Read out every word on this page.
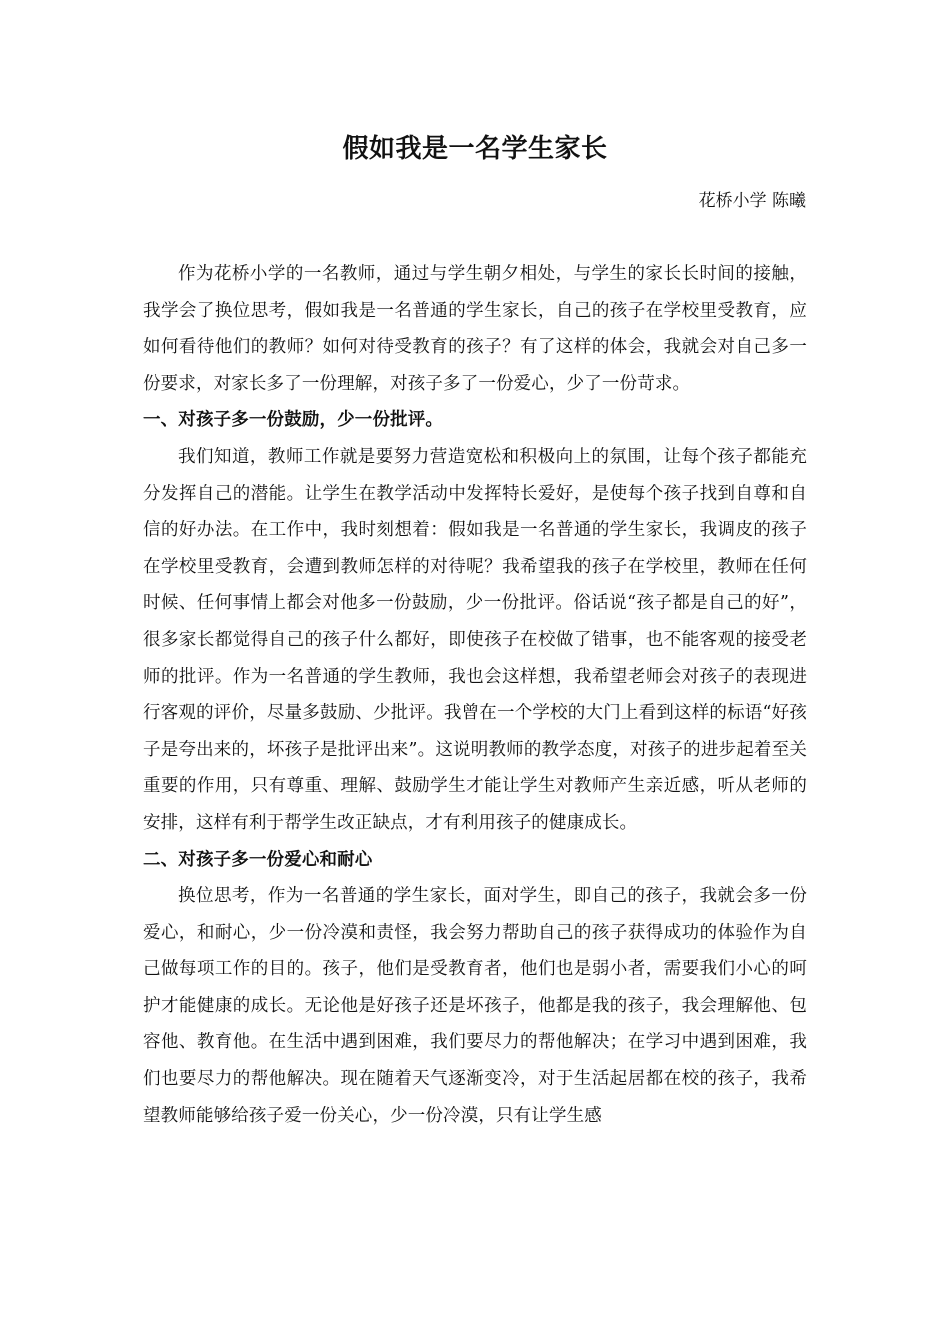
假如我是一名学生家长
花桥小学 陈曦

作为花桥小学的一名教师，通过与学生朝夕相处，与学生的家长长时间的接触，我学会了换位思考，假如我是一名普通的学生家长，自己的孩子在学校里受教育，应如何看待他们的教师？如何对待受教育的孩子？有了这样的体会，我就会对自己多一份要求，对家长多了一份理解，对孩子多了一份爱心，少了一份苛求。

一、对孩子多一份鼓励，少一份批评。

我们知道，教师工作就是要努力营造宽松和积极向上的氛围，让每个孩子都能充分发挥自己的潜能。让学生在教学活动中发挥特长爱好，是使每个孩子找到自尊和自信的好办法。在工作中，我时刻想着：假如我是一名普通的学生家长，我调皮的孩子在学校里受教育，会遭到教师怎样的对待呢？我希望我的孩子在学校里，教师在任何时候、任何事情上都会对他多一份鼓励，少一份批评。俗话说“孩子都是自己的好”，很多家长都觉得自己的孩子什么都好，即使孩子在校做了错事，也不能客观的接受老师的批评。作为一名普通的学生教师，我也会这样想，我希望老师会对孩子的表现进行客观的评价，尽量多鼓励、少批评。我曾在一个学校的大门上看到这样的标语“好孩子是夸出来的，坏孩子是批评出来”。这说明教师的教学态度，对孩子的进步起着至关重要的作用，只有尊重、理解、鼓励学生才能让学生对教师产生亲近感，听从老师的安排，这样有利于帮学生改正缺点，才有利用孩子的健康成长。

二、对孩子多一份爱心和耐心

换位思考，作为一名普通的学生家长，面对学生，即自己的孩子，我就会多一份爱心，和耐心，少一份冷漠和责怪，我会努力帮助自己的孩子获得成功的体验作为自己做每项工作的目的。孩子，他们是受教育者，他们也是弱小者，需要我们小心的呵护才能健康的成长。无论他是好孩子还是坏孩子，他都是我的孩子，我会理解他、包容他、教育他。在生活中遇到困难，我们要尽力的帮他解决；在学习中遇到困难，我们也要尽力的帮他解决。现在随着天气逐渐变冷，对于生活起居都在校的孩子，我希望教师能够给孩子爱一份关心，少一份冷漠，只有让学生感
